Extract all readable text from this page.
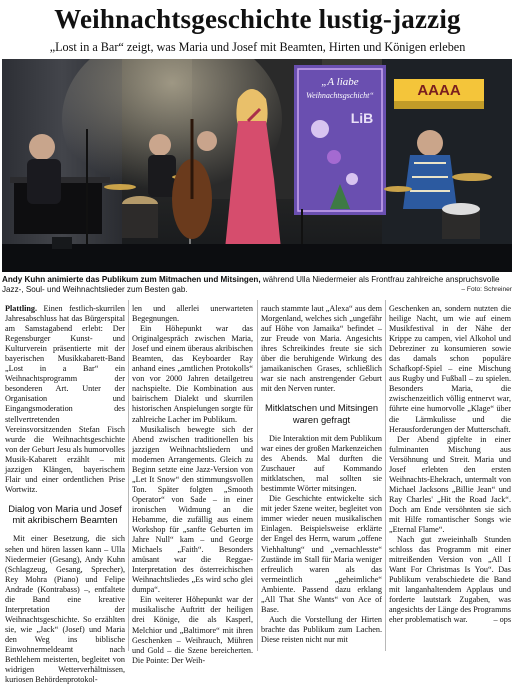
Weihnachtsgeschichte lustig-jazzig
„Lost in a Bar“ zeigt, was Maria und Josef mit Beamten, Hirten und Königen erleben
„A liabe
Weihnachtsgschicht“
LiB
AAAA
Andy Kuhn animierte das Publikum zum Mitmachen und Mitsingen, während Ulla Niedermeier als Frontfrau zahlreiche anspruchsvolle Jazz-, Soul- und Weihnachtslieder zum Besten gab.	– Foto: Schreiner

Plattling. Einen festlich-skurrilen Jahresabschluss hat das Bürgerspital am Samstagabend erlebt: Der Regensburger Kunst- und Kulturverein präsentierte mit der bayerischen Musikkabarett-Band „Lost in a Bar“ ein Weihnachtsprogramm der besonderen Art. Unter der Organisation und Eingangsmoderation des stellvertretenden Vereinsvorsitzenden Stefan Fisch wurde die Weihnachtsgeschichte von der Geburt Jesu als humorvolles Musik-Kabarett erzählt – mit jazzigen Klängen, bayerischem Flair und einer ordentlichen Prise Wortwitz.

Dialog von Maria und Josef mit akribischem Beamten

Mit einer Besetzung, die sich sehen und hören lassen kann – Ulla Niedermeier (Gesang), Andy Kuhn (Schlagzeug, Gesang, Sprecher), Rey Mohra (Piano) und Felipe Andrade (Kontrabass) –, entfaltete die Band eine kreative Interpretation der Weihnachtsgeschichte. So erzählten sie, wie „Jack“ (Josef) und Maria den Weg ins biblische Einwohnermeldeamt nach Bethlehem meisterten, begleitet von widrigen Wetterverhältnissen, kuriosen Behördenprotokol-

len und allerlei unerwarteten Begegnungen.

Ein Höhepunkt war das Originalgespräch zwischen Maria, Josef und einem überaus akribischen Beamten, das Keyboarder Ray anhand eines „amtlichen Protokolls“ von vor 2000 Jahren detailgetreu nachspielte. Die Kombination aus bairischem Dialekt und skurrilen historischen Anspielungen sorgte für zahlreiche Lacher im Publikum.

Musikalisch bewegte sich der Abend zwischen traditionellen bis jazzigen Weihnachtsliedern und modernen Arrangements. Gleich zu Beginn setzte eine Jazz-Version von „Let It Snow“ den stimmungsvollen Ton. Später folgten „Smooth Operator“ von Sade – in einer ironischen Widmung an die Hebamme, die zufällig aus einem Workshop für „sanfte Geburten im Jahre Null“ kam – und George Michaels „Faith“. Besonders amüsant war die Reggae-Interpretation des österreichischen Weihnachtsliedes „Es wird scho glei dumpa“.

Ein weiterer Höhepunkt war der musikalische Auftritt der heiligen drei Könige, die als Kasperl, Melchior und „Baltimore“ mit ihren Geschenken – Weihrauch, Mühren und Gold – die Szene bereicherten. Die Pointe: Der Weih-

rauch stammte laut „Alexa“ aus dem Morgenland, welches sich „ungefähr auf Höhe von Jamaika“ befindet – zur Freude von Maria. Angesichts ihres Schreikindes freute sie sich über die beruhigende Wirkung des jamaikanischen Grases, schließlich war sie nach anstrengender Geburt mit den Nerven runter.

Mitklatschen und Mitsingen waren gefragt

Die Interaktion mit dem Publikum war eines der großen Markenzeichen des Abends. Mal durften die Zuschauer auf Kommando mitklatschen, mal sollten sie bestimmte Wörter mitsingen.

Die Geschichte entwickelte sich mit jeder Szene weiter, begleitet von immer wieder neuen musikalischen Einlagen. Beispielsweise erklärte der Engel des Herrn, warum „offene Viehhaltung“ und „vernachlesste“ Zustände im Stall für Maria weniger erfreulich waren als das vermeintlich „geheimliche“ Ambiente. Passend dazu erklang „All That She Wants“ von Ace of Base.

Auch die Vorstellung der Hirten brachte das Publikum zum Lachen. Diese reisten nicht nur mit

Geschenken an, sondern nutzten die heilige Nacht, um wie auf einem Musikfestival in der Nähe der Krippe zu campen, viel Alkohol und Debreziner zu konsumieren sowie das damals schon populäre Schafkopf-Spiel – eine Mischung aus Rugby und Fußball – zu spielen. Besonders Maria, die zwischenzeitlich völlig entnervt war, führte eine humorvolle „Klage“ über die Lärmkulisse und die Herausforderungen der Mutterschaft.

Der Abend gipfelte in einer fulminanten Mischung aus Versöhnung und Streit. Maria und Josef erlebten den ersten Weihnachts-Ehekrach, untermalt von Michael Jacksons „Billie Jean“ und Ray Charles' „Hit the Road Jack“. Doch am Ende versöhnten sie sich mit Hilfe romantischer Songs wie „Eternal Flame“.

Nach gut zweieinhalb Stunden schloss das Programm mit einer mitreißenden Version von „All I Want For Christmas Is You“. Das Publikum verabschiedete die Band mit langanhaltendem Applaus und forderte lautstark Zugaben, was angesichts der Länge des Programms eher problematisch war.	– ops
